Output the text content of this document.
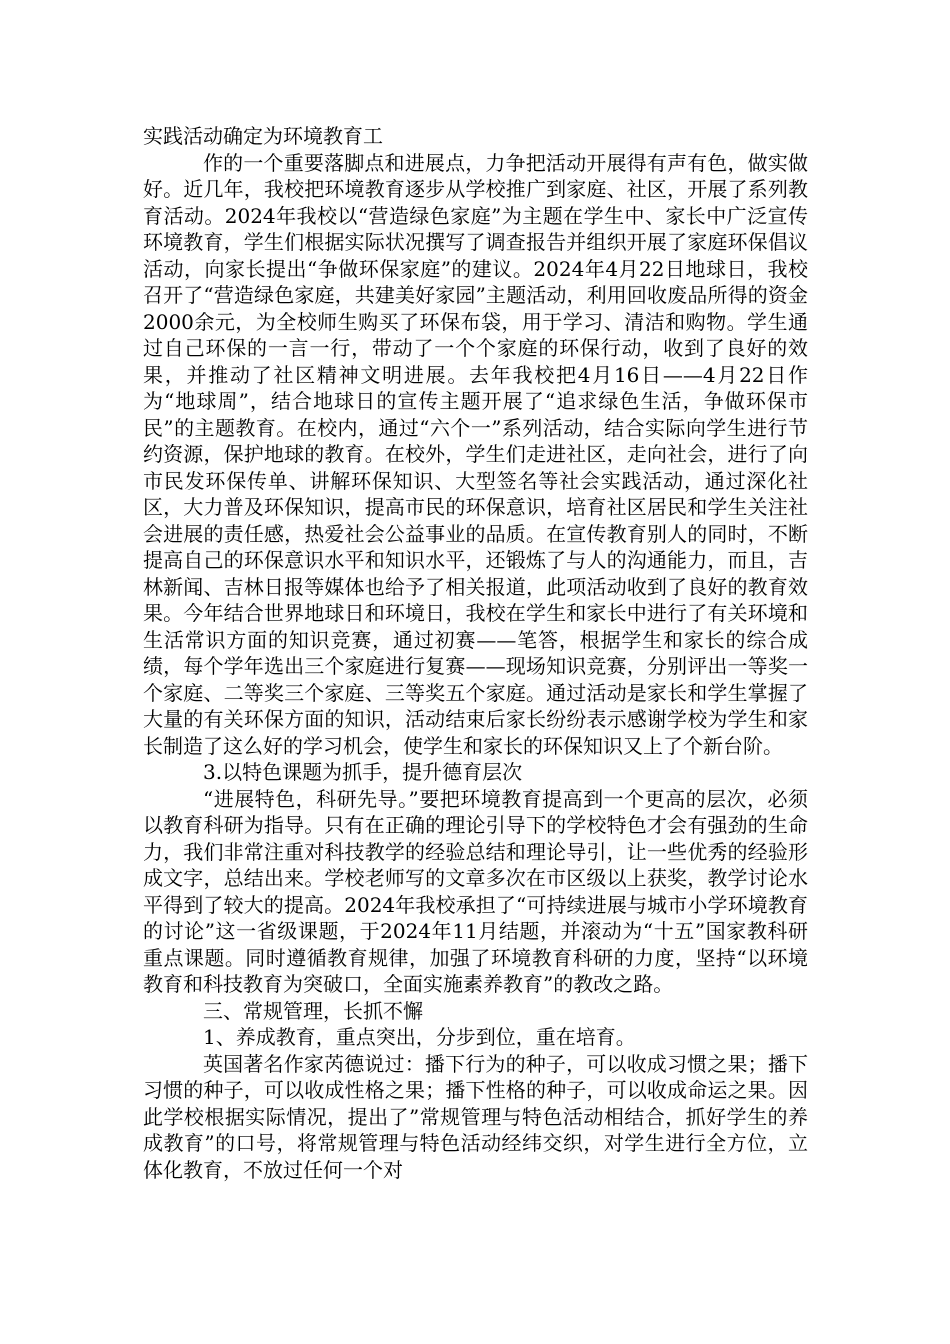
实践活动确定为环境教育工

作的一个重要落脚点和进展点，力争把活动开展得有声有色，做实做好。近几年，我校把环境教育逐步从学校推广到家庭、社区，开展了系列教育活动。2024年我校以“营造绿色家庭”为主题在学生中、家长中广泛宣传环境教育，学生们根据实际状况撰写了调查报告并组织开展了家庭环保倡议活动，向家长提出“争做环保家庭”的建议。2024年4月22日地球日，我校召开了“营造绿色家庭，共建美好家园”主题活动，利用回收废品所得的资金2000余元，为全校师生购买了环保布袋，用于学习、清洁和购物。学生通过自己环保的一言一行，带动了一个个家庭的环保行动，收到了良好的效果，并推动了社区精神文明进展。去年我校把4月16日——4月22日作为“地球周”，结合地球日的宣传主题开展了“追求绿色生活，争做环保市民”的主题教育。在校内，通过“六个一”系列活动，结合实际向学生进行节约资源，保护地球的教育。在校外，学生们走进社区，走向社会，进行了向市民发环保传单、讲解环保知识、大型签名等社会实践活动，通过深化社区，大力普及环保知识，提高市民的环保意识，培育社区居民和学生关注社会进展的责任感，热爱社会公益事业的品质。在宣传教育别人的同时，不断提高自己的环保意识水平和知识水平，还锻炼了与人的沟通能力，而且，吉林新闻、吉林日报等媒体也给予了相关报道，此项活动收到了良好的教育效果。今年结合世界地球日和环境日，我校在学生和家长中进行了有关环境和生活常识方面的知识竞赛，通过初赛——笔答，根据学生和家长的综合成绩，每个学年选出三个家庭进行复赛——现场知识竞赛，分别评出一等奖一个家庭、二等奖三个家庭、三等奖五个家庭。通过活动是家长和学生掌握了大量的有关环保方面的知识，活动结束后家长纷纷表示感谢学校为学生和家长制造了这么好的学习机会，使学生和家长的环保知识又上了个新台阶。

3.以特色课题为抓手，提升德育层次

“进展特色，科研先导。”要把环境教育提高到一个更高的层次，必须以教育科研为指导。只有在正确的理论引导下的学校特色才会有强劲的生命力，我们非常注重对科技教学的经验总结和理论导引，让一些优秀的经验形成文字，总结出来。学校老师写的文章多次在市区级以上获奖，教学讨论水平得到了较大的提高。2024年我校承担了“可持续进展与城市小学环境教育的讨论”这一省级课题，于2024年11月结题，并滚动为“十五”国家教科研重点课题。同时遵循教育规律，加强了环境教育科研的力度，坚持“以环境教育和科技教育为突破口，全面实施素养教育”的教改之路。

三、常规管理，长抓不懈

1、养成教育，重点突出，分步到位，重在培育。

英国著名作家芮德说过：播下行为的种子，可以收成习惯之果；播下习惯的种子，可以收成性格之果；播下性格的种子，可以收成命运之果。因此学校根据实际情况，提出了”常规管理与特色活动相结合，抓好学生的养成教育”的口号，将常规管理与特色活动经纬交织，对学生进行全方位，立体化教育，不放过任何一个对
